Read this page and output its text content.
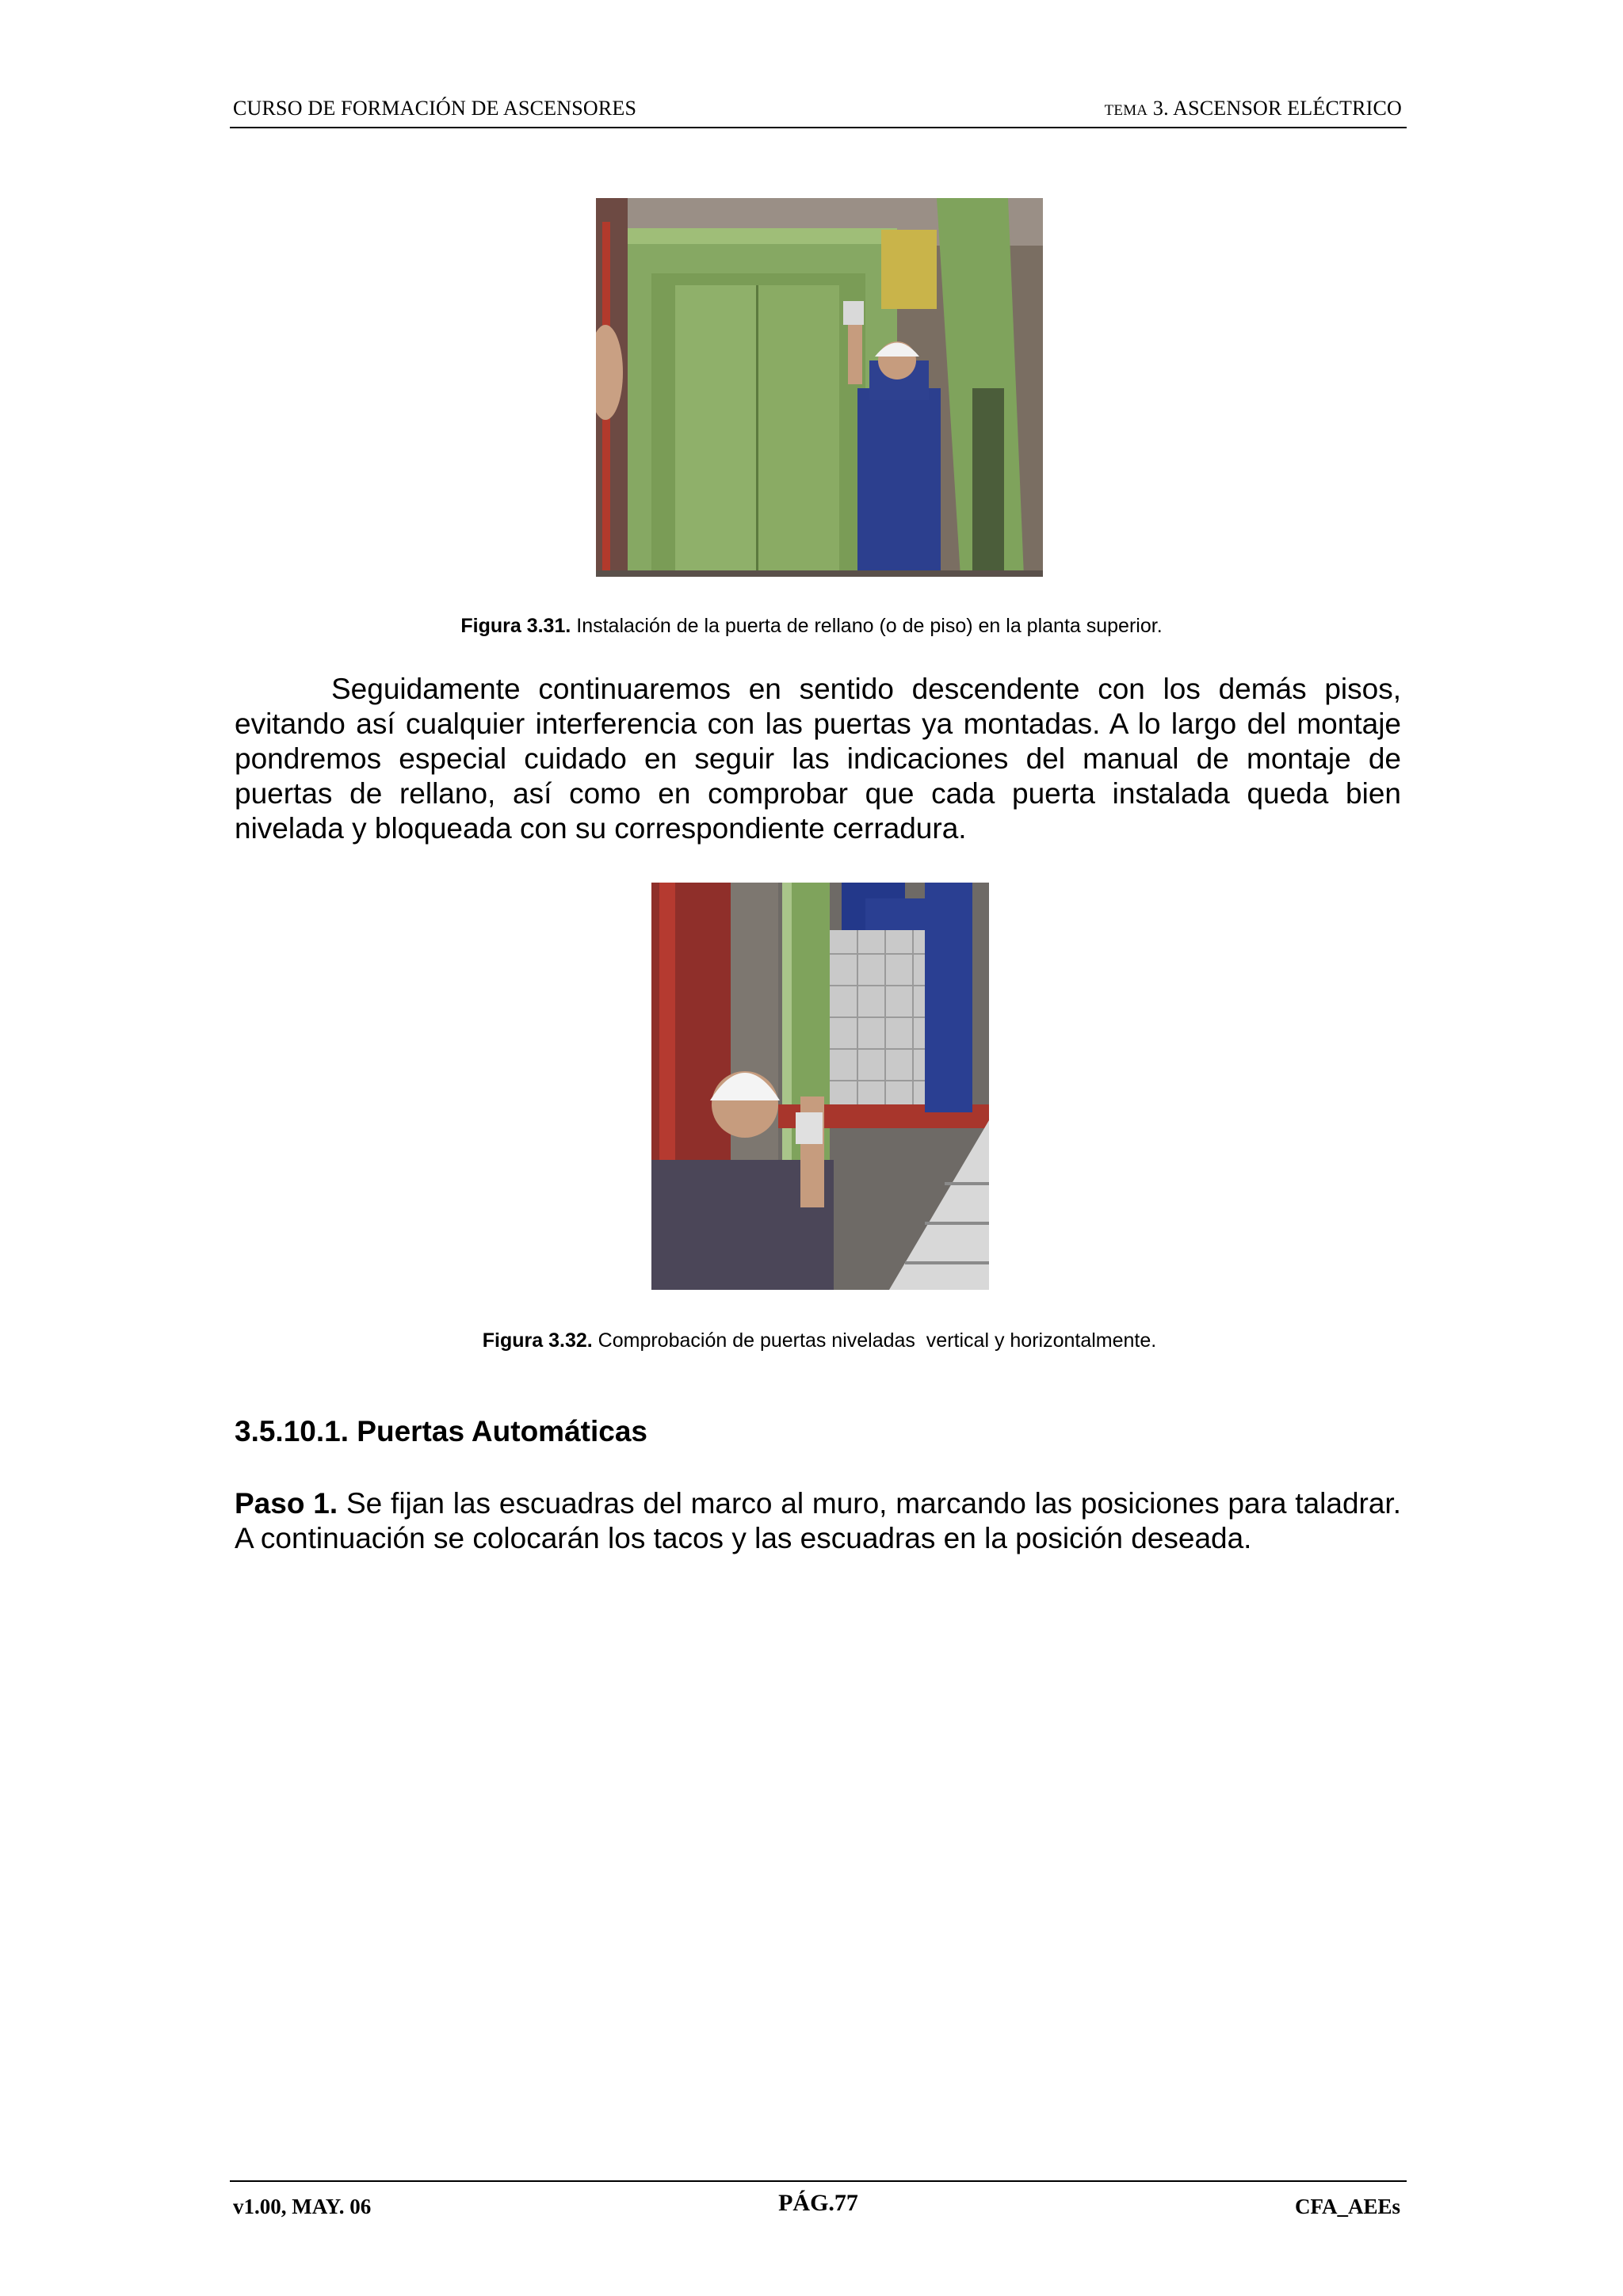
CURSO DE FORMACIÓN DE ASCENSORES	TEMA 3. ASCENSOR ELÉCTRICO
Figura 3.31. Instalación de la puerta de rellano (o de piso) en la planta superior.
Seguidamente continuaremos en sentido descendente con los demás pisos, evitando así cualquier interferencia con las puertas ya montadas. A lo largo del montaje pondremos especial cuidado en seguir las indicaciones del manual de montaje de puertas de rellano, así como en comprobar que cada puerta instalada queda bien nivelada y bloqueada con su correspondiente cerradura.
Figura 3.32. Comprobación de puertas niveladas  vertical y horizontalmente.
3.5.10.1. Puertas Automáticas
Paso 1. Se fijan las escuadras del marco al muro, marcando las posiciones para taladrar. A continuación se colocarán los tacos y las escuadras en la posición deseada.
v1.00, MAY. 06	PÁG.77	CFA_AEEs
